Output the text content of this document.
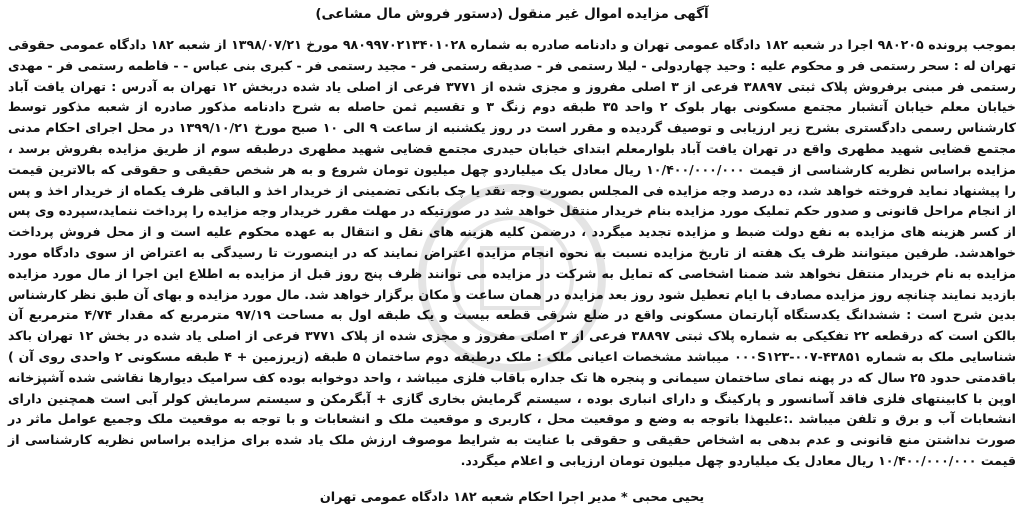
آگهی مزایده اموال غیر منقول (دستور فروش مال مشاعی)
بموجب پرونده ۹۸۰۲۰۵ اجرا در شعبه ۱۸۲ دادگاه عمومی تهران و دادنامه صادره به شماره ۹۸۰۹۹۷۰۲۱۳۴۰۱۰۲۸ مورخ ۱۳۹۸/۰۷/۲۱ از شعبه ۱۸۲ دادگاه عمومی حقوقی تهران له : سحر رستمی فر و محکوم علیه : وحید چهاردولی - لیلا رستمی فر - صدیقه رستمی فر - مجید رستمی فر - کبری بنی عباس - - فاطمه رستمی فر - مهدی رستمی فر مبنی برفروش پلاک ثبتی ۳۸۸۹۷ فرعی از ۳ اصلی مفروز و مجزی شده از ۳۷۷۱ فرعی از اصلی یاد شده دربخش ۱۲ تهران به آدرس : تهران یافت آباد خیابان معلم خیابان آتشبار مجتمع مسکونی بهار بلوک ۲ واحد ۳۵ طبقه دوم زنگ ۳ و تقسیم ثمن حاصله به شرح دادنامه مذکور صادره از شعبه مذکور توسط کارشناس رسمی دادگستری بشرح زیر ارزیابی و توصیف گردیده و مقرر است در روز یکشنبه از ساعت ۹ الی ۱۰ صبح مورخ ۱۳۹۹/۱۰/۲۱ در محل اجرای احکام مدنی مجتمع قضایی شهید مطهری واقع در تهران یافت آباد بلوارمعلم ابتدای خیابان حیدری مجتمع قضایی شهید مطهری درطبقه سوم از طریق مزایده بفروش برسد ، مزایده براساس نظریه کارشناسی از قیمت ۱۰/۴۰۰/۰۰۰/۰۰۰ ریال معادل یک میلیاردو چهل میلیون تومان شروع و به هر شخص حقیقی و حقوقی که بالاترین قیمت را پیشنهاد نماید فروخته خواهد شد، ده درصد وجه مزایده فی المجلس بصورت وجه نقد یا چک بانکی تضمینی از خریدار اخذ و الباقی ظرف یکماه از خریدار اخذ و پس از انجام مراحل قانونی و صدور حکم تملیک مورد مزایده بنام خریدار منتقل خواهد شد در صورتیکه در مهلت مقرر خریدار وجه مزایده را پرداخت ننماید،سپرده وی پس از کسر هزینه های مزایده به نفع دولت ضبط و مزایده تجدید میگردد ، درضمن کلیه هزینه های نقل و انتقال به عهده محکوم علیه است و از محل فروش پرداخت خواهدشد. طرفین میتوانند ظرف یک هفته از تاریخ مزایده نسبت به نحوه انجام مزایده اعتراض نمایند که در اینصورت تا رسیدگی به اعتراض از سوی دادگاه مورد مزایده به نام خریدار منتقل نخواهد شد ضمنا اشخاصی که تمایل به شرکت در مزایده می توانند ظرف پنج روز قبل از مزایده به اطلاع این اجرا از مال مورد مزایده بازدید نمایند چنانچه روز مزایده مصادف با ایام تعطیل شود روز بعد مزایده در همان ساعت و مکان برگزار خواهد شد. مال مورد مزایده و بهای آن طبق نظر کارشناس بدین شرح است : ششدانگ یکدستگاه آپارتمان مسکونی واقع در ضلع شرقی قطعه بیست و یک طبقه اول به مساحت ۹۷/۱۹ مترمربع که مقدار ۴/۷۴ مترمربع آن بالکن است که درقطعه ۲۲ تفکیکی به شماره پلاک ثبتی ۳۸۸۹۷ فرعی از ۳ اصلی مفروز و مجزی شده از پلاک ۳۷۷۱ فرعی از اصلی یاد شده در بخش ۱۲ تهران باکد شناسایی ملک به شماره ۴۳۸۵۱-۰۰۷-۰۰۰S۱۲۳ میباشد مشخصات اعیانی ملک : ملک درطبقه دوم ساختمان ۵ طبقه (زیرزمین + ۴ طبقه مسکونی ۲ واحدی روی آن ) باقدمتی حدود ۲۵ سال که در پهنه نمای ساختمان سیمانی و پنجره ها تک جداره باقاب فلزی میباشد ، واحد دوخوابه بوده کف سرامیک دیوارها نقاشی شده آشپزخانه اوپن با کابینتهای فلزی فاقد آسانسور و پارکینگ و دارای انباری بوده ، سیستم گرمایش بخاری گازی + آبگرمکن و سیستم سرمایش کولر آبی است همچنین دارای انشعابات آب و برق و تلفن میباشد .:علیهذا باتوجه به وضع و موقعیت محل ، کاربری و موقعیت ملک و انشعابات و با توجه به موقعیت ملک وجمیع عوامل ماثر در صورت نداشتن منع قانونی و عدم بدهی به اشخاص حقیقی و حقوقی با عنایت به شرایط موصوف ارزش ملک یاد شده برای مزایده براساس نظریه کارشناسی از قیمت ۱۰/۴۰۰/۰۰۰/۰۰۰ ریال معادل یک میلیاردو چهل میلیون تومان ارزیابی و اعلام میگردد.
یحیی محبی * مدیر اجرا احکام شعبه ۱۸۲ دادگاه عمومی تهران
